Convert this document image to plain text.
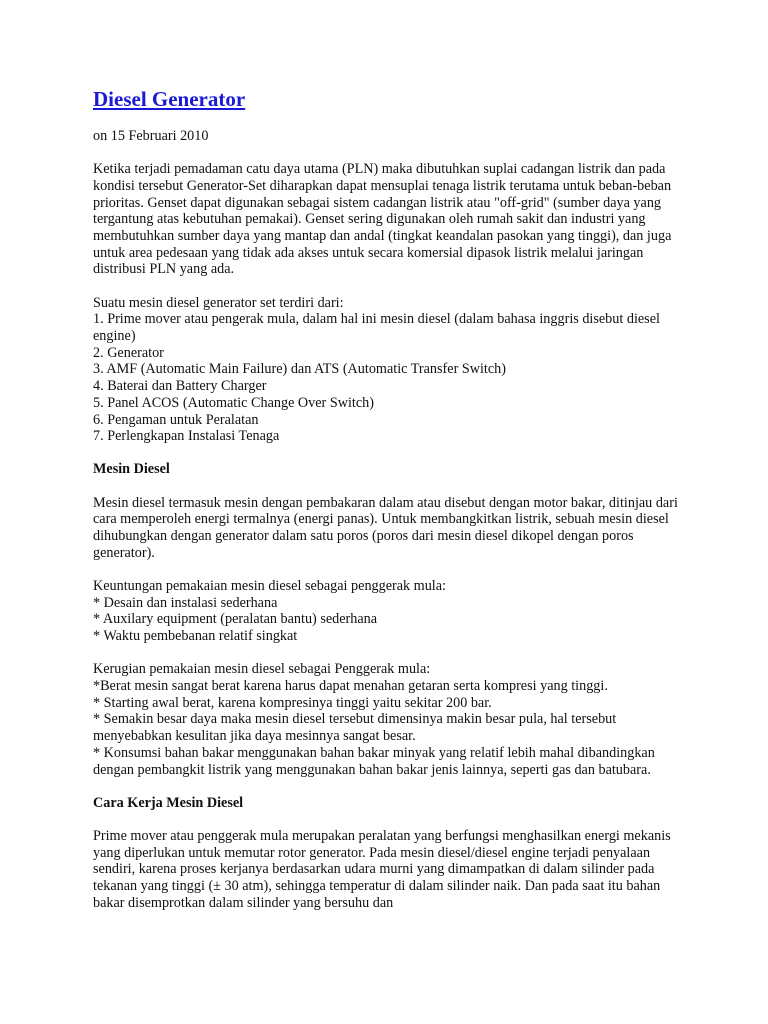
Diesel Generator

on 15 Februari 2010

Ketika terjadi pemadaman catu daya utama (PLN) maka dibutuhkan suplai cadangan listrik dan pada kondisi tersebut Generator-Set diharapkan dapat mensuplai tenaga listrik terutama untuk beban-beban prioritas. Genset dapat digunakan sebagai sistem cadangan listrik atau "off-grid" (sumber daya yang tergantung atas kebutuhan pemakai). Genset sering digunakan oleh rumah sakit dan industri yang membutuhkan sumber daya yang mantap dan andal (tingkat keandalan pasokan yang tinggi), dan juga untuk area pedesaan yang tidak ada akses untuk secara komersial dipasok listrik melalui jaringan distribusi PLN yang ada.

Suatu mesin diesel generator set terdiri dari:
1. Prime mover atau pengerak mula, dalam hal ini mesin diesel (dalam bahasa inggris disebut diesel engine)
2. Generator
3. AMF (Automatic Main Failure) dan ATS (Automatic Transfer Switch)
4. Baterai dan Battery Charger
5. Panel ACOS (Automatic Change Over Switch)
6. Pengaman untuk Peralatan
7. Perlengkapan Instalasi Tenaga

Mesin Diesel

Mesin diesel termasuk mesin dengan pembakaran dalam atau disebut dengan motor bakar, ditinjau dari cara memperoleh energi termalnya (energi panas). Untuk membangkitkan listrik, sebuah mesin diesel dihubungkan dengan generator dalam satu poros (poros dari mesin diesel dikopel dengan poros generator).

Keuntungan pemakaian mesin diesel sebagai penggerak mula:
* Desain dan instalasi sederhana
* Auxilary equipment (peralatan bantu) sederhana
* Waktu pembebanan relatif singkat

Kerugian pemakaian mesin diesel sebagai Penggerak mula:
*Berat mesin sangat berat karena harus dapat menahan getaran serta kompresi yang tinggi.
* Starting awal berat, karena kompresinya tinggi yaitu sekitar 200 bar.
* Semakin besar daya maka mesin diesel tersebut dimensinya makin besar pula, hal tersebut menyebabkan kesulitan jika daya mesinnya sangat besar.
* Konsumsi bahan bakar menggunakan bahan bakar minyak yang relatif lebih mahal dibandingkan dengan pembangkit listrik yang menggunakan bahan bakar jenis lainnya, seperti gas dan batubara.

Cara Kerja Mesin Diesel

Prime mover atau penggerak mula merupakan peralatan yang berfungsi menghasilkan energi mekanis yang diperlukan untuk memutar rotor generator. Pada mesin diesel/diesel engine terjadi penyalaan sendiri, karena proses kerjanya berdasarkan udara murni yang dimampatkan di dalam silinder pada tekanan yang tinggi (± 30 atm), sehingga temperatur di dalam silinder naik. Dan pada saat itu bahan bakar disemprotkan dalam silinder yang bersuhu dan
